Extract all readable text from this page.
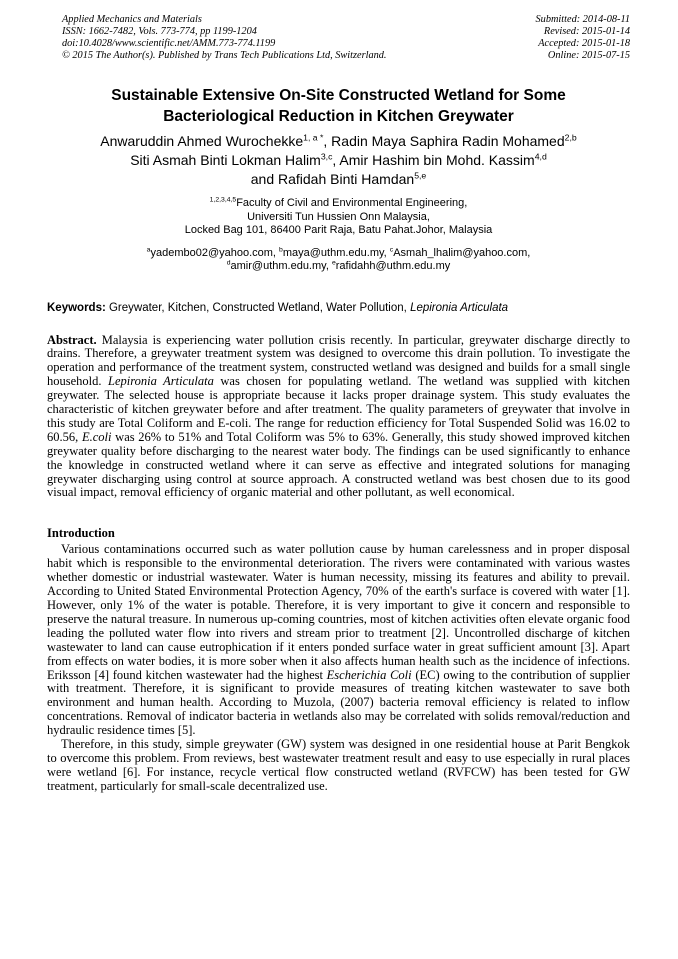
Applied Mechanics and Materials
ISSN: 1662-7482, Vols. 773-774, pp 1199-1204
doi:10.4028/www.scientific.net/AMM.773-774.1199
© 2015 The Author(s). Published by Trans Tech Publications Ltd, Switzerland.
Submitted: 2014-08-11
Revised: 2015-01-14
Accepted: 2015-01-18
Online: 2015-07-15
Sustainable Extensive On-Site Constructed Wetland for Some Bacteriological Reduction in Kitchen Greywater
Anwaruddin Ahmed Wurochekke$^{1, a *}$, Radin Maya Saphira Radin Mohamed$^{2,b}$
Siti Asmah Binti Lokman Halim$^{3,c}$, Amir Hashim bin Mohd. Kassim$^{4,d}$
and Rafidah Binti Hamdan$^{5,e}$
$^{1,2,3,4,5}$Faculty of Civil and Environmental Engineering,
Universiti Tun Hussien Onn Malaysia,
Locked Bag 101, 86400 Parit Raja, Batu Pahat.Johor, Malaysia
$^a$yadembo02@yahoo.com, $^b$maya@uthm.edu.my, $^c$Asmah_lhalim@yahoo.com,
$^d$amir@uthm.edu.my, $^e$rafidahh@uthm.edu.my

Keywords: Greywater, Kitchen, Constructed Wetland, Water Pollution, Lepironia Articulata

Abstract. Malaysia is experiencing water pollution crisis recently. In particular, greywater discharge directly to drains. Therefore, a greywater treatment system was designed to overcome this drain pollution. To investigate the operation and performance of the treatment system, constructed wetland was designed and builds for a small single household. Lepironia Articulata was chosen for populating wetland. The wetland was supplied with kitchen greywater. The selected house is appropriate because it lacks proper drainage system. This study evaluates the characteristic of kitchen greywater before and after treatment. The quality parameters of greywater that involve in this study are Total Coliform and E-coli. The range for reduction efficiency for Total Suspended Solid was 16.02 to 60.56, E.coli was 26% to 51% and Total Coliform was 5% to 63%. Generally, this study showed improved kitchen greywater quality before discharging to the nearest water body. The findings can be used significantly to enhance the knowledge in constructed wetland where it can serve as effective and integrated solutions for managing greywater discharging using control at source approach. A constructed wetland was best chosen due to its good visual impact, removal efficiency of organic material and other pollutant, as well economical.

Introduction

Various contaminations occurred such as water pollution cause by human carelessness and in proper disposal habit which is responsible to the environmental deterioration. The rivers were contaminated with various wastes whether domestic or industrial wastewater. Water is human necessity, missing its features and ability to prevail. According to United Stated Environmental Protection Agency, 70% of the earth's surface is covered with water [1]. However, only 1% of the water is potable. Therefore, it is very important to give it concern and responsible to preserve the natural treasure. In numerous up-coming countries, most of kitchen activities often elevate organic food leading the polluted water flow into rivers and stream prior to treatment [2]. Uncontrolled discharge of kitchen wastewater to land can cause eutrophication if it enters ponded surface water in great sufficient amount [3]. Apart from effects on water bodies, it is more sober when it also affects human health such as the incidence of infections. Eriksson [4] found kitchen wastewater had the highest Escherichia Coli (EC) owing to the contribution of supplier with treatment. Therefore, it is significant to provide measures of treating kitchen wastewater to save both environment and human health. According to Muzola, (2007) bacteria removal efficiency is related to inflow concentrations. Removal of indicator bacteria in wetlands also may be correlated with solids removal/reduction and hydraulic residence times [5].

Therefore, in this study, simple greywater (GW) system was designed in one residential house at Parit Bengkok to overcome this problem. From reviews, best wastewater treatment result and easy to use especially in rural places were wetland [6]. For instance, recycle vertical flow constructed wetland (RVFCW) has been tested for GW treatment, particularly for small-scale decentralized use.
